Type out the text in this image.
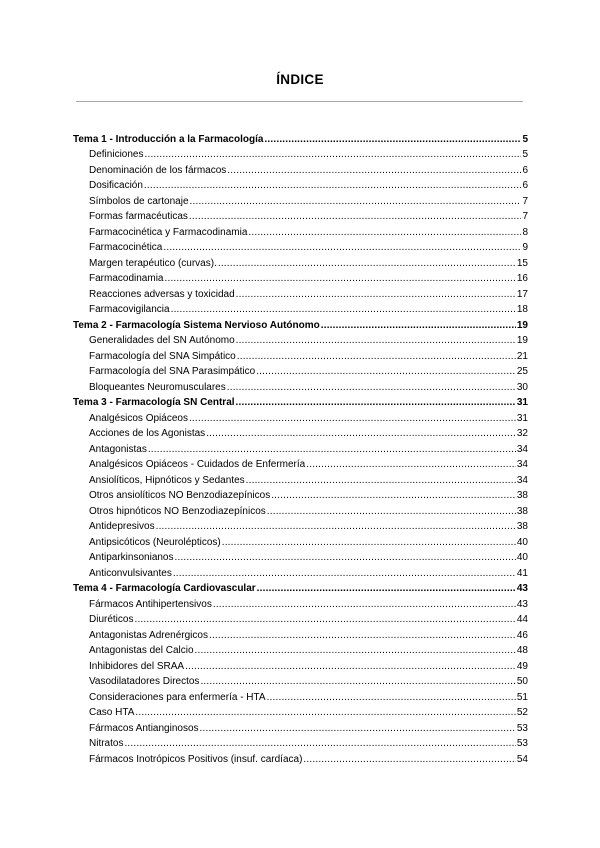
ÍNDICE
Tema 1 - Introducción a la Farmacología .....	5
Definiciones .....	5
Denominación de los fármacos .....	6
Dosificación .....	6
Símbolos de cartonaje .....	7
Formas farmacéuticas .....	7
Farmacocinética y Farmacodinamia .....	8
Farmacocinética .....	9
Margen terapéutico (curvas). .....	15
Farmacodinamia .....	16
Reacciones adversas y toxicidad .....	17
Farmacovigilancia .....	18
Tema 2 - Farmacología Sistema Nervioso Autónomo .....	19
Generalidades del SN Autónomo .....	19
Farmacología del SNA Simpático .....	21
Farmacología del SNA Parasimpático .....	25
Bloqueantes Neuromusculares .....	30
Tema 3 - Farmacología SN Central .....	31
Analgésicos Opiáceos .....	31
Acciones de los Agonistas .....	32
Antagonistas .....	34
Analgésicos Opiáceos - Cuidados de Enfermería .....	34
Ansiolíticos, Hipnóticos y Sedantes .....	34
Otros ansiolíticos NO Benzodiazepínicos .....	38
Otros hipnóticos NO Benzodiazepínicos .....	38
Antidepresivos .....	38
Antipsicóticos (Neurolépticos) .....	40
Antiparkinsonianos .....	40
Anticonvulsivantes .....	41
Tema 4 - Farmacología Cardiovascular .....	43
Fármacos Antihipertensivos .....	43
Diuréticos .....	44
Antagonistas Adrenérgicos .....	46
Antagonistas del Calcio .....	48
Inhibidores del SRAA .....	49
Vasodilatadores Directos .....	50
Consideraciones para enfermería - HTA .....	51
Caso HTA .....	52
Fármacos Antianginosos .....	53
Nitratos .....	53
Fármacos Inotrópicos Positivos (insuf. cardíaca) .....	54
